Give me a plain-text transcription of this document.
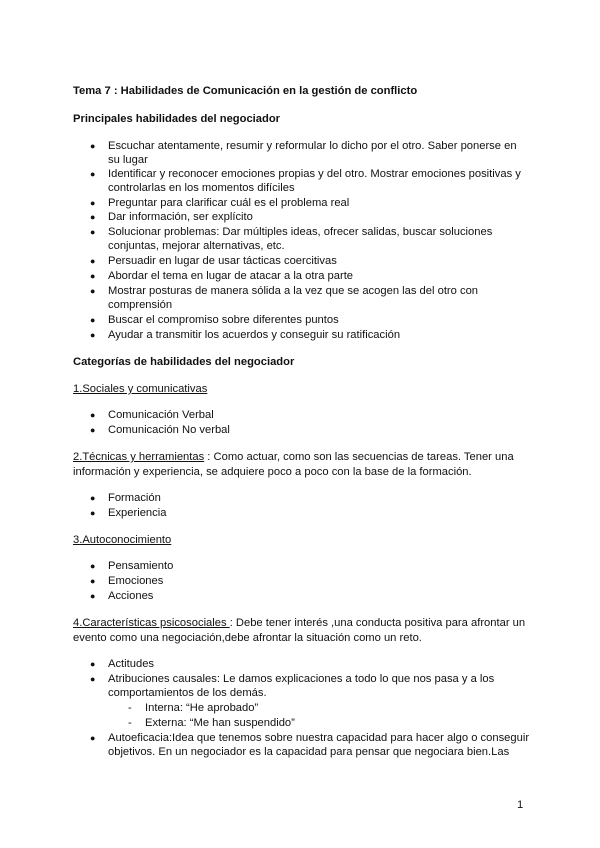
Tema 7 : Habilidades de Comunicación en la gestión de conflicto
Principales habilidades del negociador
● Escuchar atentamente, resumir y reformular lo dicho por el otro. Saber ponerse en
su lugar
● Identificar y reconocer emociones propias y del otro. Mostrar emociones positivas y
controlarlas en los momentos difíciles
● Preguntar para clarificar cuál es el problema real
● Dar información, ser explícito
● Solucionar problemas: Dar múltiples ideas, ofrecer salidas, buscar soluciones
conjuntas, mejorar alternativas, etc.
● Persuadir en lugar de usar tácticas coercitivas
● Abordar el tema en lugar de atacar a la otra parte
● Mostrar posturas de manera sólida a la vez que se acogen las del otro con
comprensión
● Buscar el compromiso sobre diferentes puntos
● Ayudar a transmitir los acuerdos y conseguir su ratificación
Categorías de habilidades del negociador
1.Sociales y comunicativas
● Comunicación Verbal
● Comunicación No verbal
2.Técnicas y herramientas : Como actuar, como son las secuencias de tareas. Tener una
información y experiencia, se adquiere poco a poco con la base de la formación.
● Formación
● Experiencia
3.Autoconocimiento
● Pensamiento
● Emociones
● Acciones
4.Características psicosociales : Debe tener interés ,una conducta positiva para afrontar un
evento como una negociación,debe afrontar la situación como un reto.
● Actitudes
● Atribuciones causales: Le damos explicaciones a todo lo que nos pasa y a los
comportamientos de los demás.
- Interna: “He aprobado”
- Externa: “Me han suspendido”
● Autoeficacia:Idea que tenemos sobre nuestra capacidad para hacer algo o conseguir
objetivos. En un negociador es la capacidad para pensar que negociara bien.Las
1
